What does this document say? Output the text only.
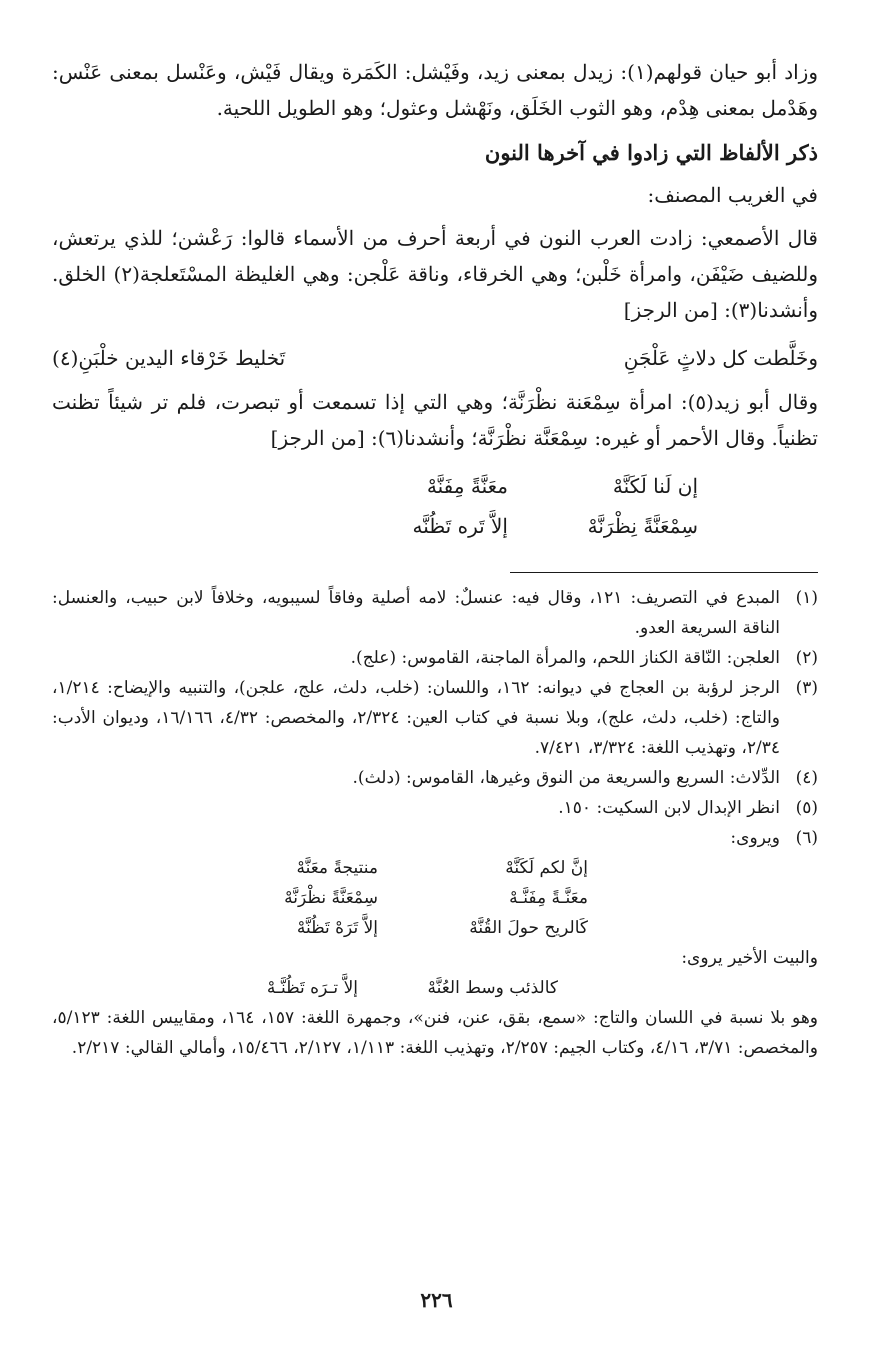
وزاد أبو حيان قولهم(١): زيدل بمعنى زيد، وفَيْشل: الكَمَرة ويقال فَيْش، وعَنْسل بمعنى عَنْس: وهَدْمل بمعنى هِدْم، وهو الثوب الخَلَق، ونَهْشل وعثول؛ وهو الطويل اللحية.

ذكر الألفاظ التي زادوا في آخرها النون
في الغريب المصنف:

قال الأصمعي: زادت العرب النون في أربعة أحرف من الأسماء قالوا: رَعْشن؛ للذي يرتعش، وللضيف ضَيْفَن، وامرأة خَلْبن؛ وهي الخرقاء، وناقة عَلْجن: وهي الغليظة المسْتَعلجة(٢) الخلق. وأنشدنا(٣): [من الرجز]

وخَلَّطت كل دلاثٍ عَلْجَنِ
تَخليط خَرْقاء اليدين خلْبَنِ(٤)

وقال أبو زيد(٥): امرأة سِمْعَنة نظْرَنَّة؛ وهي التي إذا تسمعت أو تبصرت، فلم تر شيئاً تظنت تظنياً. وقال الأحمر أو غيره: سِمْعَنَّة نظْرَنَّة؛ وأنشدنا(٦): [من الرجز]

إن لَنا لَكَنَّهْ
معَنَّةً مِفَنَّهْ
سِمْعَنَّةً نِظْرَنَّهْ
إلاَّ تَره تَظُنَّه
(١)
المبدع في التصريف: ١٢١، وقال فيه: عنسلٌ: لامه أصلية وفاقاً لسيبويه، وخلافاً لابن حبيب، والعنسل: الناقة السريعة العدو.
(٢)
العلجن: النّاقة الكناز اللحم، والمرأة الماجنة، القاموس: (علج).
(٣)
الرجز لرؤبة بن العجاج في ديوانه: ١٦٢، واللسان: (خلب، دلث، علج، علجن)، والتنبيه والإيضاح: ١/٢١٤، والتاج: (خلب، دلث، علج)، وبلا نسبة في كتاب العين: ٢/٣٢٤، والمخصص: ٤/٣٢، ١٦/١٦٦، وديوان الأدب: ٢/٣٤، وتهذيب اللغة: ٣/٣٢٤، ٧/٤٢١.
(٤)
الدِّلاث: السريع والسريعة من النوق وغيرها، القاموس: (دلث).
(٥)
انظر الإبدال لابن السكيت: ١٥٠.
(٦)
ويروى:
إنَّ لكم لَكَنَّهْ
منتيجةً معَنَّهْ
معَنَّـةً مِفَنَّـهْ
سِمْعَنَّةً نظْرَنَّهْ
كَالريح حولَ القُنَّهْ
إلاَّ تَرَهْ تَظُنَّهْ
والبيت الأخير يروى:
كالذئب وسط العُنَّهْ
إلاَّ تـرَه تَظُنَّـهْ
وهو بلا نسبة في اللسان والتاج: «سمع، بقق، عنن، فنن»، وجمهرة اللغة: ١٥٧، ١٦٤، ومقاييس اللغة: ٥/١٢٣، والمخصص: ٣/٧١، ٤/١٦، وكتاب الجيم: ٢/٢٥٧، وتهذيب اللغة: ١/١١٣، ٢/١٢٧، ١٥/٤٦٦، وأمالي القالي: ٢/٢١٧.
٢٢٦
